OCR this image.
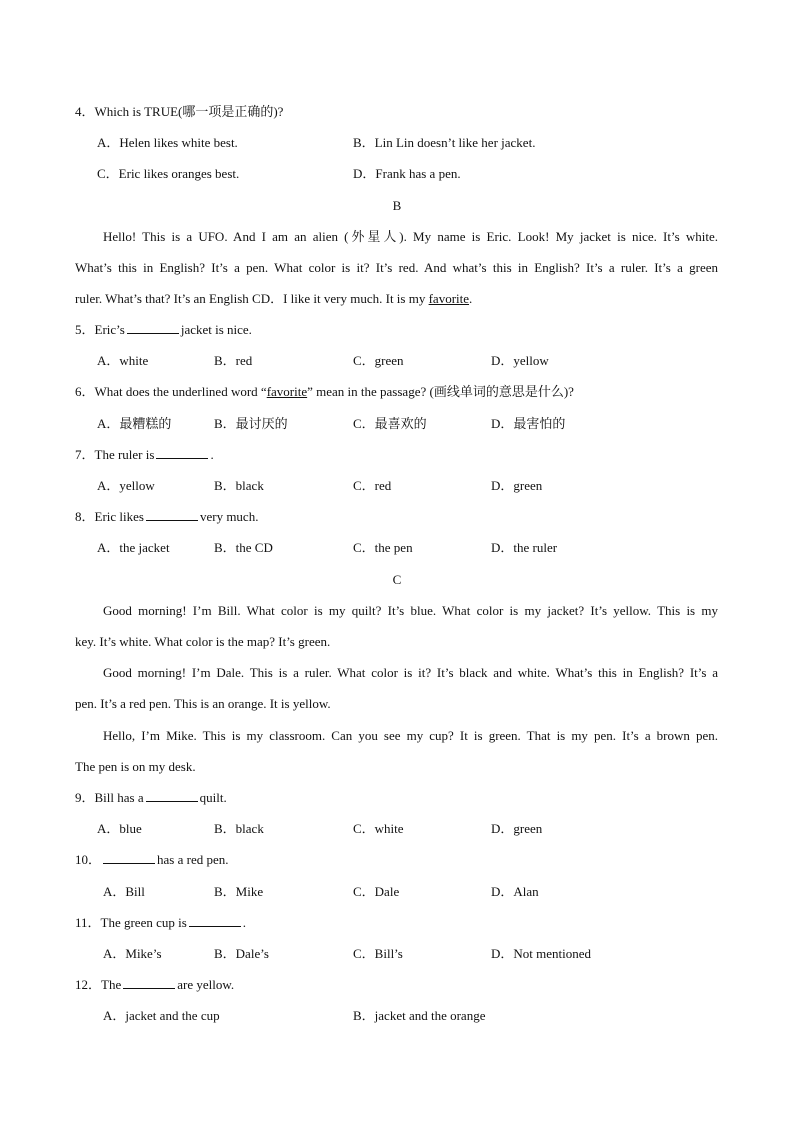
4．Which is TRUE(哪一项是正确的)?
A．Helen likes white best.	B．Lin Lin doesn’t like her jacket.
C．Eric likes oranges best.	D．Frank has a pen.
B
Hello! This is a UFO. And I am an alien (外星人). My name is Eric. Look! My jacket is nice. It’s white.
What’s this in English? It’s a pen. What color is it? It’s red. And what’s this in English? It’s a ruler. It’s a green
ruler. What’s that? It’s an English CD．I like it very much. It is my favorite.
5．Eric’s	jacket is nice.
A．white	B．red	C．green	D．yellow
6．What does the underlined word “favorite” mean in the passage? (画线单词的意思是什么)?
A．最糟糕的	B．最讨厌的	C．最喜欢的	D．最害怕的
7．The ruler is	.
A．yellow	B．black	C．red	D．green
8．Eric likes	very much.
A．the jacket	B．the CD	C．the pen	D．the ruler
C
Good morning! I’m Bill. What color is my quilt? It’s blue. What color is my jacket? It’s yellow. This is my
key. It’s white. What color is the map? It’s green.
Good morning! I’m Dale. This is a ruler. What color is it? It’s black and white. What’s this in English? It’s a
pen. It’s a red pen. This is an orange. It is yellow.
Hello, I’m Mike. This is my classroom. Can you see my cup? It is green. That is my pen. It’s a brown pen.
The pen is on my desk.
9．Bill has a	quilt.
A．blue	B．black	C．white	D．green
10．	has a red pen.
A．Bill	B．Mike	C．Dale	D．Alan
11．The green cup is	.
A．Mike’s	B．Dale’s	C．Bill’s	D．Not mentioned
12．The	are yellow.
A．jacket and the cup	B．jacket and the orange
